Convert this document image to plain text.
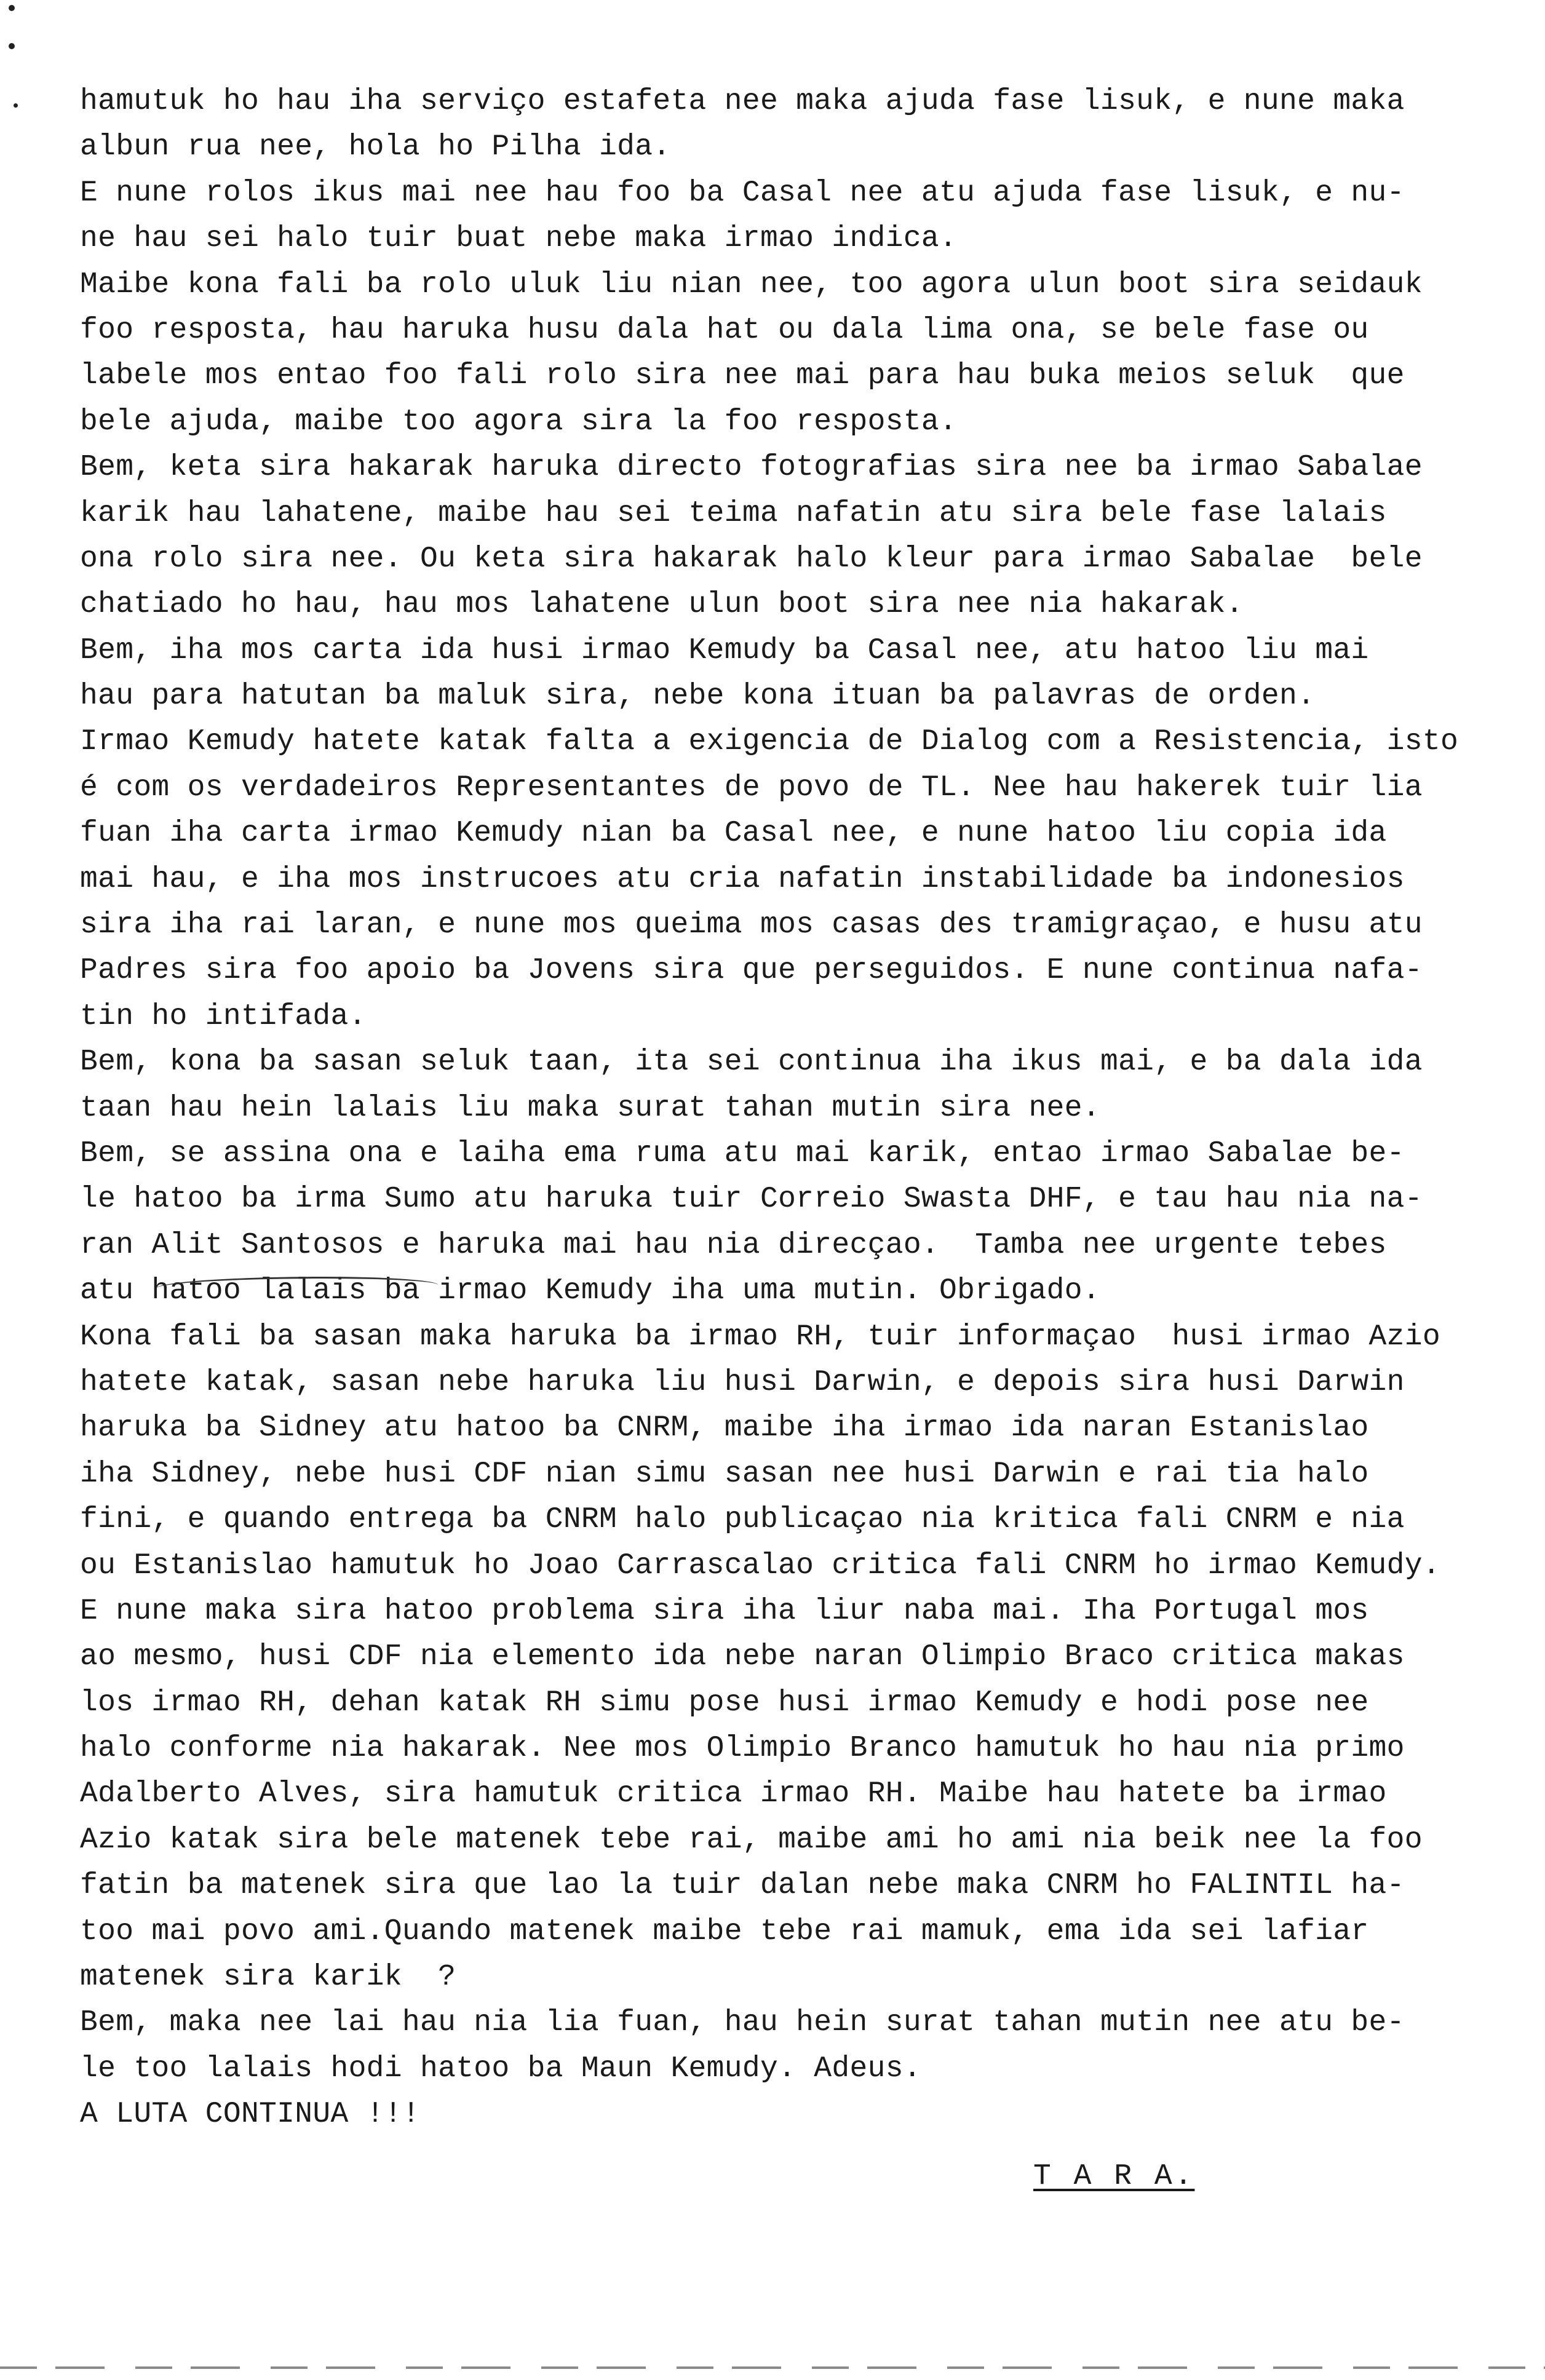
hamutuk ho hau iha serviço estafeta nee maka ajuda fase lisuk, e nune maka
albun rua nee, hola ho Pilha ida.
E nune rolos ikus mai nee hau foo ba Casal nee atu ajuda fase lisuk, e nu-
ne hau sei halo tuir buat nebe maka irmao indica.
Maibe kona fali ba rolo uluk liu nian nee, too agora ulun boot sira seidauk
foo resposta, hau haruka husu dala hat ou dala lima ona, se bele fase ou
labele mos entao foo fali rolo sira nee mai para hau buka meios seluk  que
bele ajuda, maibe too agora sira la foo resposta.
Bem, keta sira hakarak haruka directo fotografias sira nee ba irmao Sabalae
karik hau lahatene, maibe hau sei teima nafatin atu sira bele fase lalais
ona rolo sira nee. Ou keta sira hakarak halo kleur para irmao Sabalae  bele
chatiado ho hau, hau mos lahatene ulun boot sira nee nia hakarak.
Bem, iha mos carta ida husi irmao Kemudy ba Casal nee, atu hatoo liu mai
hau para hatutan ba maluk sira, nebe kona ituan ba palavras de orden.
Irmao Kemudy hatete katak falta a exigencia de Dialog com a Resistencia, isto
é com os verdadeiros Representantes de povo de TL. Nee hau hakerek tuir lia
fuan iha carta irmao Kemudy nian ba Casal nee, e nune hatoo liu copia ida
mai hau, e iha mos instrucoes atu cria nafatin instabilidade ba indonesios
sira iha rai laran, e nune mos queima mos casas des tramigraçao, e husu atu
Padres sira foo apoio ba Jovens sira que perseguidos. E nune continua nafa-
tin ho intifada.
Bem, kona ba sasan seluk taan, ita sei continua iha ikus mai, e ba dala ida
taan hau hein lalais liu maka surat tahan mutin sira nee.
Bem, se assina ona e laiha ema ruma atu mai karik, entao irmao Sabalae be-
le hatoo ba irma Sumo atu haruka tuir Correio Swasta DHF, e tau hau nia na-
ran Alit Santosos e haruka mai hau nia direcçao.  Tamba nee urgente tebes
atu hatoo lalais ba irmao Kemudy iha uma mutin. Obrigado.
Kona fali ba sasan maka haruka ba irmao RH, tuir informaçao  husi irmao Azio
hatete katak, sasan nebe haruka liu husi Darwin, e depois sira husi Darwin
haruka ba Sidney atu hatoo ba CNRM, maibe iha irmao ida naran Estanislao
iha Sidney, nebe husi CDF nian simu sasan nee husi Darwin e rai tia halo
fini, e quando entrega ba CNRM halo publicaçao nia kritica fali CNRM e nia
ou Estanislao hamutuk ho Joao Carrascalao critica fali CNRM ho irmao Kemudy.
E nune maka sira hatoo problema sira iha liur naba mai. Iha Portugal mos
ao mesmo, husi CDF nia elemento ida nebe naran Olimpio Braco critica makas
los irmao RH, dehan katak RH simu pose husi irmao Kemudy e hodi pose nee
halo conforme nia hakarak. Nee mos Olimpio Branco hamutuk ho hau nia primo
Adalberto Alves, sira hamutuk critica irmao RH. Maibe hau hatete ba irmao
Azio katak sira bele matenek tebe rai, maibe ami ho ami nia beik nee la foo
fatin ba matenek sira que lao la tuir dalan nebe maka CNRM ho FALINTIL ha-
too mai povo ami.Quando matenek maibe tebe rai mamuk, ema ida sei lafiar
matenek sira karik  ?
Bem, maka nee lai hau nia lia fuan, hau hein surat tahan mutin nee atu be-
le too lalais hodi hatoo ba Maun Kemudy. Adeus.
A LUTA CONTINUA !!!
T A R A.
